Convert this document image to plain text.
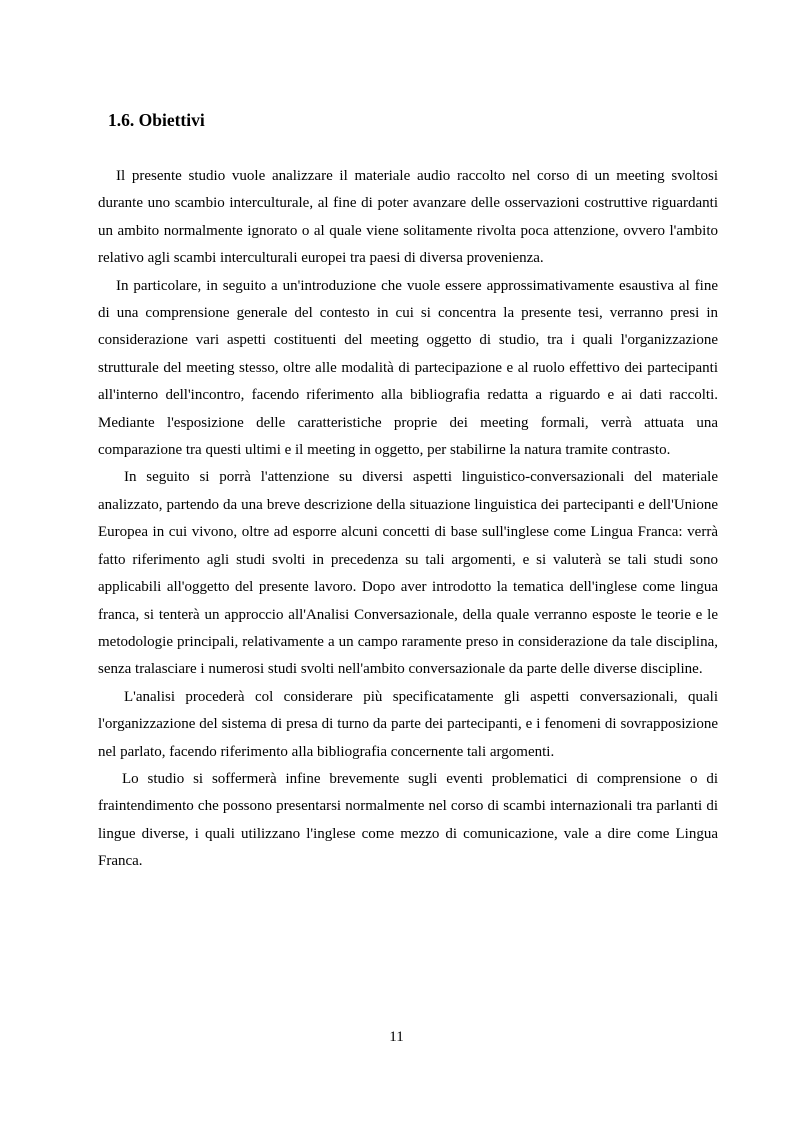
1.6. Obiettivi

Il presente studio vuole analizzare il materiale audio raccolto nel corso di un meeting svoltosi durante uno scambio interculturale, al fine di poter avanzare delle osservazioni costruttive riguardanti un ambito normalmente ignorato o al quale viene solitamente rivolta poca attenzione, ovvero l'ambito relativo agli scambi interculturali europei tra paesi di diversa provenienza.

In particolare, in seguito a un'introduzione che vuole essere approssimativamente esaustiva al fine di una comprensione generale del contesto in cui si concentra la presente tesi, verranno presi in considerazione vari aspetti costituenti del meeting oggetto di studio, tra i quali l'organizzazione strutturale del meeting stesso, oltre alle modalità di partecipazione e al ruolo effettivo dei partecipanti all'interno dell'incontro, facendo riferimento alla bibliografia redatta a riguardo e ai dati raccolti. Mediante l'esposizione delle caratteristiche proprie dei meeting formali, verrà attuata una comparazione tra questi ultimi e il meeting in oggetto, per stabilirne la natura tramite contrasto.

In seguito si porrà l'attenzione su diversi aspetti linguistico-conversazionali del materiale analizzato, partendo da una breve descrizione della situazione linguistica dei partecipanti e dell'Unione Europea in cui vivono, oltre ad esporre alcuni concetti di base sull'inglese come Lingua Franca: verrà fatto riferimento agli studi svolti in precedenza su tali argomenti, e si valuterà se tali studi sono applicabili all'oggetto del presente lavoro. Dopo aver introdotto la tematica dell'inglese come lingua franca, si tenterà un approccio all'Analisi Conversazionale, della quale verranno esposte le teorie e le metodologie principali, relativamente a un campo raramente preso in considerazione da tale disciplina, senza tralasciare i numerosi studi svolti nell'ambito conversazionale da parte delle diverse discipline.

L'analisi procederà col considerare più specificatamente gli aspetti conversazionali, quali l'organizzazione del sistema di presa di turno da parte dei partecipanti, e i fenomeni di sovrapposizione nel parlato, facendo riferimento alla bibliografia concernente tali argomenti.

Lo studio si soffermerà infine brevemente sugli eventi problematici di comprensione o di fraintendimento che possono presentarsi normalmente nel corso di scambi internazionali tra parlanti di lingue diverse, i quali utilizzano l'inglese come mezzo di comunicazione, vale a dire come Lingua Franca.

11
